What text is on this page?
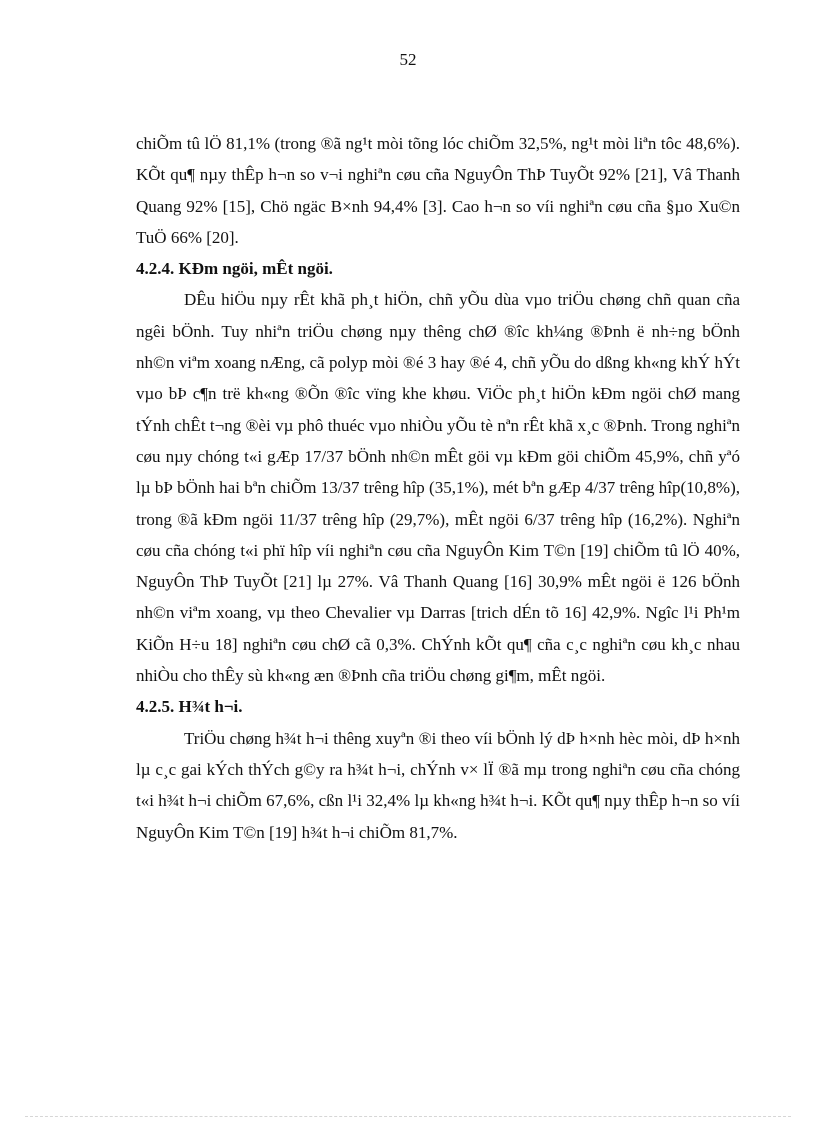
52

chiÕm tû lÖ 81,1% (trong ®ã ng¹t mòi tõng lóc chiÕm 32,5%, ng¹t mòi liªn tôc 48,6%). KÕt qu¶ nµy thÊp h¬n so v¬i nghiªn cøu cña NguyÔn ThÞ TuyÕt 92% [21], Vâ Thanh Quang 92% [15], Chö ngäc B×nh 94,4% [3]. Cao h¬n so víi nghiªn cøu cña §µo Xu©n TuÖ 66% [20].

4.2.4. KÐm ngöi, mÊt ngöi.

DÊu hiÖu nµy rÊt khã ph¸t hiÖn, chñ yÕu dùa vµo triÖu chøng chñ quan cña ngêi bÖnh. Tuy nhiªn triÖu chøng nµy thêng chØ ®îc kh¼ng ®Þnh ë nh÷ng bÖnh nh©n viªm xoang nÆng, cã polyp mòi ®é 3 hay ®é 4, chñ yÕu do dßng kh«ng khÝ hÝt vµo bÞ c¶n trë kh«ng ®Õn ®îc vïng khe khøu. ViÖc ph¸t hiÖn kÐm ngöi chØ mang tÝnh chÊt t¬ng ®èi vµ phô thuéc vµo nhiÒu yÕu tè nªn rÊt khã x¸c ®Þnh. Trong nghiªn cøu nµy chóng t«i gÆp 17/37 bÖnh nh©n mÊt göi vµ kÐm göi chiÕm 45,9%, chñ yªó lµ bÞ bÖnh hai bªn chiÕm 13/37 trêng hîp (35,1%), mét bªn gÆp 4/37 trêng hîp(10,8%), trong ®ã kÐm ngöi 11/37 trêng hîp (29,7%), mÊt ngöi 6/37 trêng hîp (16,2%). Nghiªn cøu cña chóng t«i phï hîp víi nghiªn cøu cña NguyÔn Kim T©n [19] chiÕm tû lÖ 40%, NguyÔn ThÞ TuyÕt [21] lµ 27%. Vâ Thanh Quang [16] 30,9% mÊt ngöi ë 126 bÖnh nh©n viªm xoang, vµ theo Chevalier vµ Darras [trich dÉn tõ 16] 42,9%. Ngîc l¹i Ph¹m KiÕn H÷u 18] nghiªn cøu chØ cã 0,3%. ChÝnh kÕt qu¶ cña c¸c nghiªn cøu kh¸c nhau nhiÒu cho thÊy sù kh«ng æn ®Þnh cña triÖu chøng gi¶m, mÊt ngöi.

4.2.5. H¾t h¬i.

TriÖu chøng h¾t h¬i thêng xuyªn ®i theo víi bÖnh lý dÞ h×nh hèc mòi, dÞ h×nh lµ c¸c gai kÝch thÝch g©y ra h¾t h¬i, chÝnh v× lÏ ®ã mµ trong nghiªn cøu cña chóng t«i h¾t h¬i chiÕm 67,6%, cßn l¹i 32,4% lµ kh«ng h¾t h¬i. KÕt qu¶ nµy thÊp h¬n so víi NguyÔn Kim T©n [19] h¾t h¬i chiÕm 81,7%.
